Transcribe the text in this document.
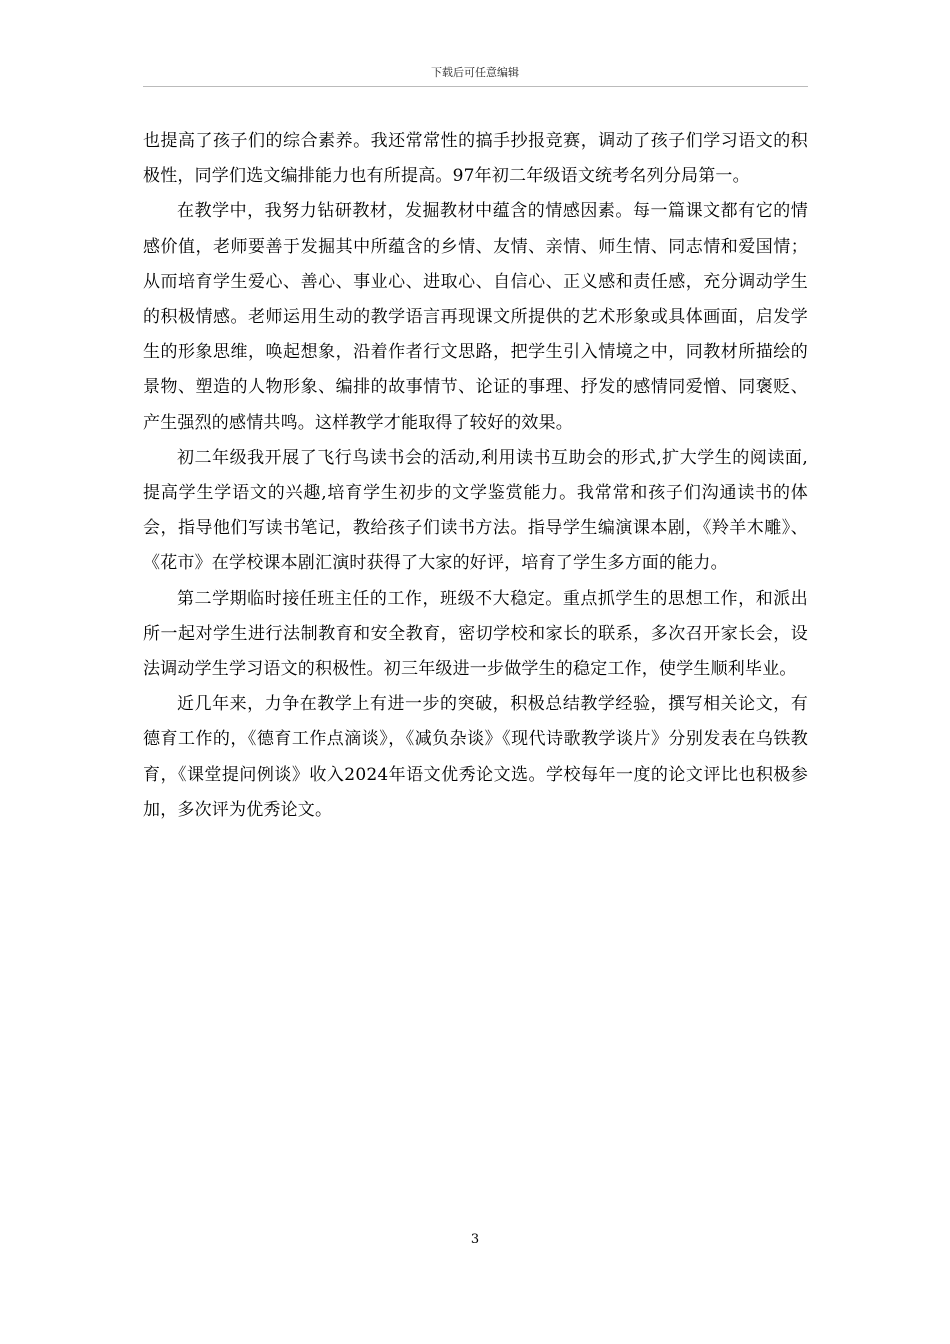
下载后可任意编辑

也提高了孩子们的综合素养。我还常常性的搞手抄报竞赛，调动了孩子们学习语文的积极性，同学们选文编排能力也有所提高。97年初二年级语文统考名列分局第一。

在教学中，我努力钻研教材，发掘教材中蕴含的情感因素。每一篇课文都有它的情感价值，老师要善于发掘其中所蕴含的乡情、友情、亲情、师生情、同志情和爱国情；从而培育学生爱心、善心、事业心、进取心、自信心、正义感和责任感，充分调动学生的积极情感。老师运用生动的教学语言再现课文所提供的艺术形象或具体画面，启发学生的形象思维，唤起想象，沿着作者行文思路，把学生引入情境之中，同教材所描绘的景物、塑造的人物形象、编排的故事情节、论证的事理、抒发的感情同爱憎、同褒贬、产生强烈的感情共鸣。这样教学才能取得了较好的效果。

初二年级我开展了飞行鸟读书会的活动,利用读书互助会的形式,扩大学生的阅读面,提高学生学语文的兴趣,培育学生初步的文学鉴赏能力。我常常和孩子们沟通读书的体会，指导他们写读书笔记，教给孩子们读书方法。指导学生编演课本剧，《羚羊木雕》、《花市》在学校课本剧汇演时获得了大家的好评，培育了学生多方面的能力。

第二学期临时接任班主任的工作，班级不大稳定。重点抓学生的思想工作，和派出所一起对学生进行法制教育和安全教育，密切学校和家长的联系，多次召开家长会，设法调动学生学习语文的积极性。初三年级进一步做学生的稳定工作，使学生顺利毕业。

近几年来，力争在教学上有进一步的突破，积极总结教学经验，撰写相关论文，有德育工作的，《德育工作点滴谈》，《减负杂谈》《现代诗歌教学谈片》分别发表在乌铁教育，《课堂提问例谈》收入2024年语文优秀论文选。学校每年一度的论文评比也积极参加，多次评为优秀论文。

3
